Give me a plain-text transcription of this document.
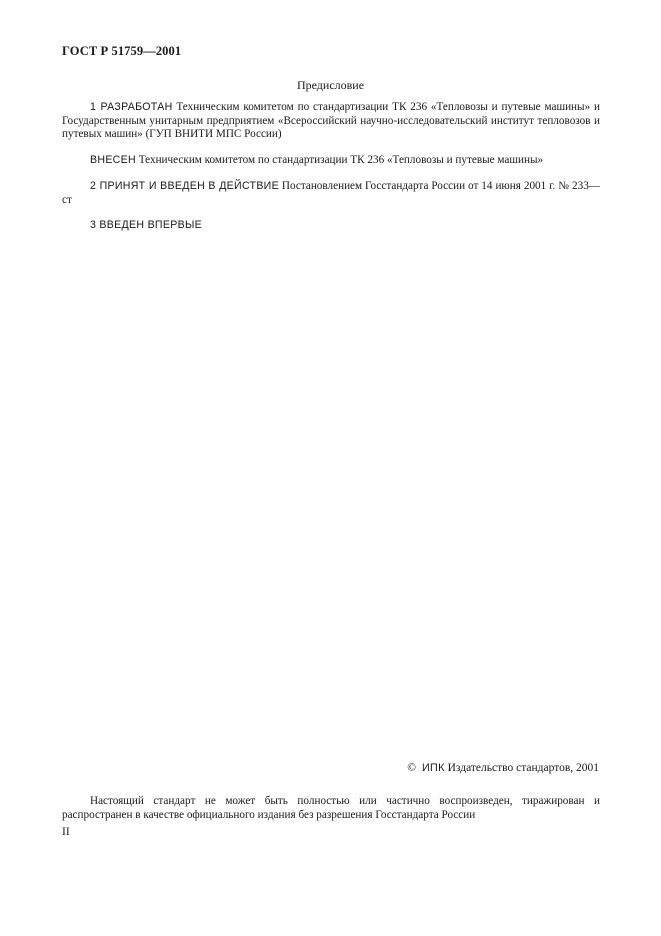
ГОСТ Р 51759—2001
Предисловие
1 РАЗРАБОТАН Техническим комитетом по стандартизации ТК 236 «Тепловозы и путевые машины» и Государственным унитарным предприятием «Всероссийский научно-исследовательский институт тепловозов и путевых машин» (ГУП ВНИТИ МПС России)
ВНЕСЕН Техническим комитетом по стандартизации ТК 236 «Тепловозы и путевые машины»
2 ПРИНЯТ И ВВЕДЕН В ДЕЙСТВИЕ Постановлением Госстандарта России от 14 июня 2001 г. № 233—ст
3 ВВЕДЕН ВПЕРВЫЕ
© ИПК Издательство стандартов, 2001
Настоящий стандарт не может быть полностью или частично воспроизведен, тиражирован и распространен в качестве официального издания без разрешения Госстандарта России
II
